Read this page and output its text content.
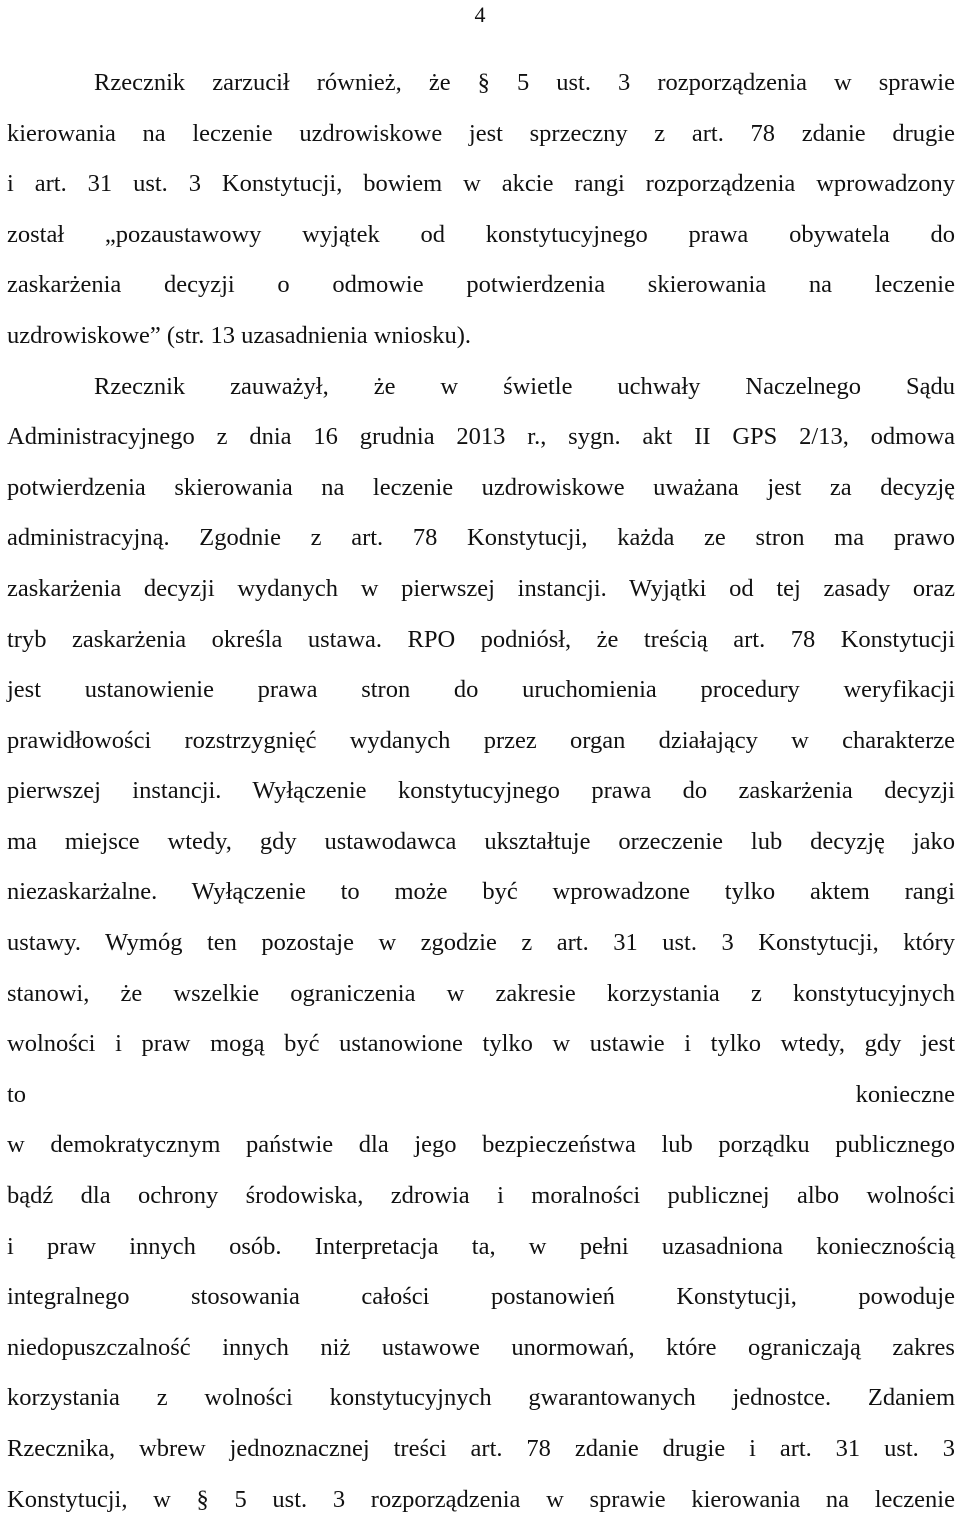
4
Rzecznik zarzucił również, że § 5 ust. 3 rozporządzenia w sprawie
kierowania na leczenie uzdrowiskowe jest sprzeczny z art. 78 zdanie drugie
i art. 31 ust. 3 Konstytucji, bowiem w akcie rangi rozporządzenia wprowadzony
został „pozaustawowy wyjątek od konstytucyjnego prawa obywatela do
zaskarżenia decyzji o odmowie potwierdzenia skierowania na leczenie
uzdrowiskowe” (str. 13 uzasadnienia wniosku).
Rzecznik zauważył, że w świetle uchwały Naczelnego Sądu
Administracyjnego z dnia 16 grudnia 2013 r., sygn. akt II GPS 2/13, odmowa
potwierdzenia skierowania na leczenie uzdrowiskowe uważana jest za decyzję
administracyjną. Zgodnie z art. 78 Konstytucji, każda ze stron ma prawo
zaskarżenia decyzji wydanych w pierwszej instancji. Wyjątki od tej zasady oraz
tryb zaskarżenia określa ustawa. RPO podniósł, że treścią art. 78 Konstytucji
jest ustanowienie prawa stron do uruchomienia procedury weryfikacji
prawidłowości rozstrzygnięć wydanych przez organ działający w charakterze
pierwszej instancji. Wyłączenie konstytucyjnego prawa do zaskarżenia decyzji
ma miejsce wtedy, gdy ustawodawca ukształtuje orzeczenie lub decyzję jako
niezaskarżalne. Wyłączenie to może być wprowadzone tylko aktem rangi
ustawy. Wymóg ten pozostaje w zgodzie z art. 31 ust. 3 Konstytucji, który
stanowi, że wszelkie ograniczenia w zakresie korzystania z konstytucyjnych
wolności i praw mogą być ustanowione tylko w ustawie i tylko wtedy, gdy jest
to konieczne
w demokratycznym państwie dla jego bezpieczeństwa lub porządku publicznego
bądź dla ochrony środowiska, zdrowia i moralności publicznej albo wolności
i praw innych osób. Interpretacja ta, w pełni uzasadniona koniecznością
integralnego stosowania całości postanowień Konstytucji, powoduje
niedopuszczalność innych niż ustawowe unormowań, które ograniczają zakres
korzystania z wolności konstytucyjnych gwarantowanych jednostce. Zdaniem
Rzecznika, wbrew jednoznacznej treści art. 78 zdanie drugie i art. 31 ust. 3
Konstytucji, w § 5 ust. 3 rozporządzenia w sprawie kierowania na leczenie
